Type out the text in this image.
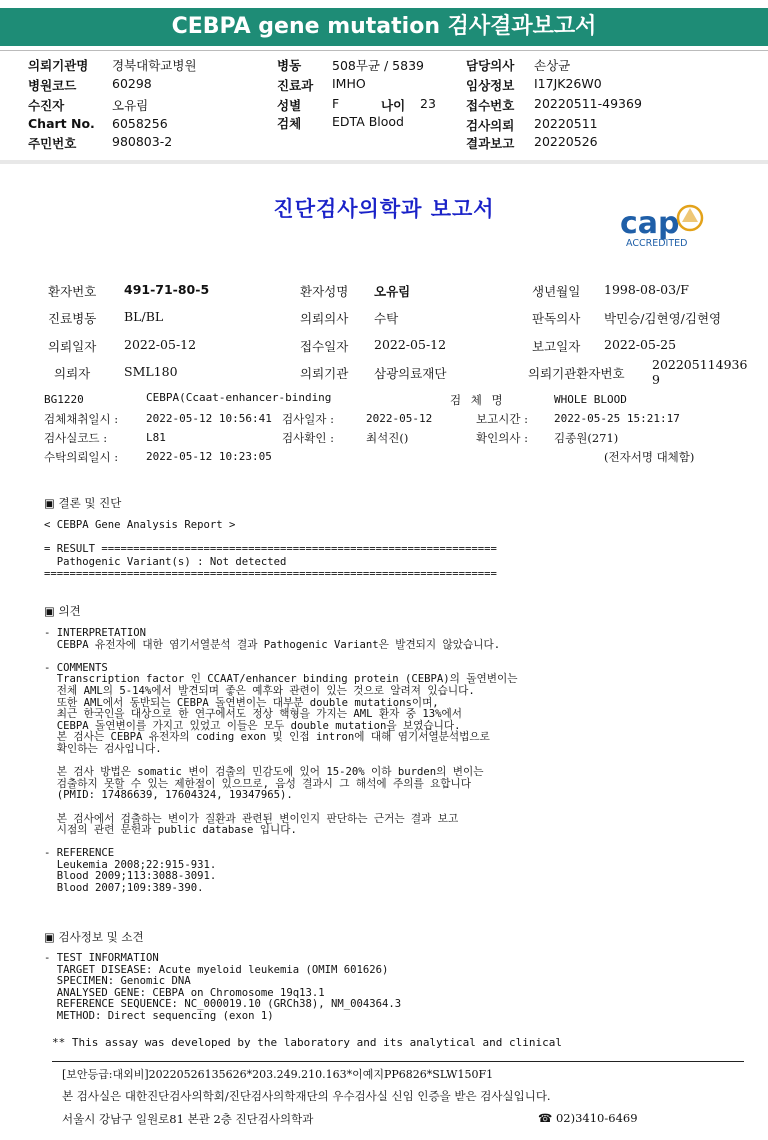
CEBPA gene mutation 검사결과보고서
의뢰기관명 경북대학교병원	병동 508무균 / 5839	담당의사 손상균
병원코드	60298	진료과 IMHO	임상정보 I17JK26W0
수진자	오유림	성별 F	나이 23 접수번호 20220511-49369
Chart No. 6058256	검체 EDTA Blood	검사의뢰 20220511
주민번호	980803-2	결과보고 20220526
진단검사의학과 보고서	cap
ACCREDITED
환자번호 491-71-80-5	환자성명 오유림	생년월일 1998-08-03/F
진료병동 BL/BL	의뢰의사 수탁	판독의사 박민승/김현영/김현영
의뢰일자 2022-05-12	접수일자 2022-05-12	보고일자 2022-05-25
의뢰자	SML180	의뢰기관 삼광의료재단	의뢰기관환자번호
202205114936
9
BG1220	CEBPA(Ccaat-enhancer-binding	검 체 명	WHOLE BLOOD
검체채취일시 :	2022-05-12 10:56:41 검사일자 :	2022-05-12	보고시간 : 2022-05-25 15:21:17
검사실코드 :	L81	검사확인 :	최석진()	확인의사 : 김종원(271)
수탁의뢰일시 :	2022-05-12 10:23:05	(전자서명 대체함)
▣ 결론 및 진단
< CEBPA Gene Analysis Report >

= RESULT ==============================================================
Pathogenic Variant(s) : Not detected
=======================================================================
▣ 의견
- INTERPRETATION
CEBPA 유전자에 대한 염기서열분석 결과 Pathogenic Variant은 발견되지 않았습니다.

- COMMENTS
Transcription factor 인 CCAAT/enhancer binding protein (CEBPA)의 돌연변이는
전체 AML의 5-14%에서 발견되며 좋은 예후와 관련이 있는 것으로 알려져 있습니다.
또한 AML에서 동반되는 CEBPA 돌연변이는 대부분 double mutations이며,
최근 한국인을 대상으로 한 연구에서도 정상 핵형을 가지는 AML 환자 중 13%에서
CEBPA 돌연변이를 가지고 있었고 이들은 모두 double mutation을 보였습니다.
본 검사는 CEBPA 유전자의 coding exon 및 인접 intron에 대해 염기서열분석법으로
확인하는 검사입니다.

본 검사 방법은 somatic 변이 검출의 민감도에 있어 15-20% 이하 burden의 변이는
검출하지 못할 수 있는 제한점이 있으므로, 음성 결과시 그 해석에 주의를 요합니다
(PMID: 17486639, 17604324, 19347965).

본 검사에서 검출하는 변이가 질환과 관련된 변이인지 판단하는 근거는 결과 보고
시점의 관련 문헌과 public database 입니다.

- REFERENCE
Leukemia 2008;22:915-931.
Blood 2009;113:3088-3091.
Blood 2007;109:389-390.
▣ 검사정보 및 소견
- TEST INFORMATION
TARGET DISEASE: Acute myeloid leukemia (OMIM 601626)
SPECIMEN: Genomic DNA
ANALYSED GENE: CEBPA on Chromosome 19q13.1
REFERENCE SEQUENCE: NC_000019.10 (GRCh38), NM_004364.3
METHOD: Direct sequencing (exon 1)
** This assay was developed by the laboratory and its analytical and clinical
[보안등급:대외비]20220526135626*203.249.210.163*이예지PP6826*SLW150F1
본 검사실은 대한진단검사의학회/진단검사의학재단의 우수검사실 신임 인증을 받은 검사실입니다.
서울시 강남구 일원로81 본관 2층 진단검사의학과	☎ 02)3410-6469
